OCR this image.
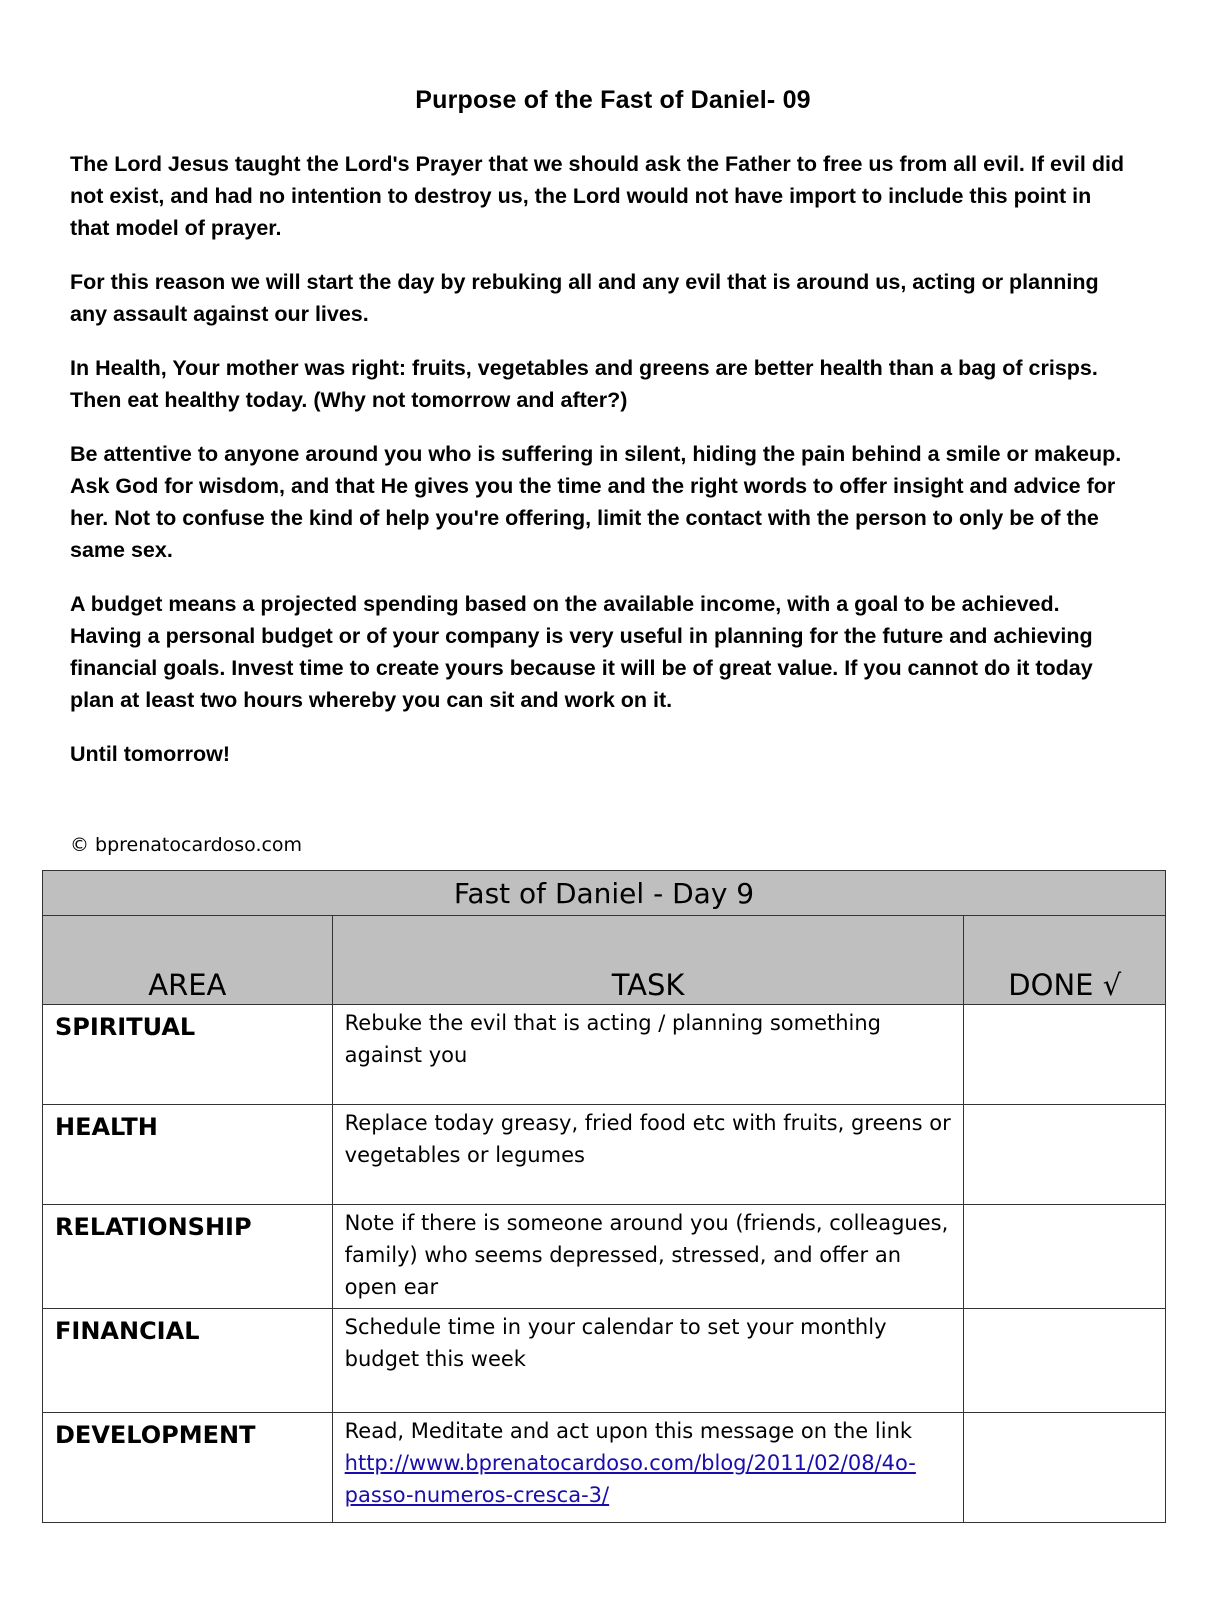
Purpose of the Fast of Daniel- 09

The Lord Jesus taught the Lord's Prayer that we should ask the Father to free us from all evil. If evil did not exist, and had no intention to destroy us, the Lord would not have import to include this point in that model of prayer.

For this reason we will start the day by rebuking all and any evil that is around us, acting or planning any assault against our lives.

In Health, Your mother was right: fruits, vegetables and greens are better health than a bag of crisps. Then eat healthy today. (Why not tomorrow and after?)

Be attentive to anyone around you who is suffering in silent, hiding the pain behind a smile or makeup. Ask God for wisdom, and that He gives you the time and the right words to offer insight and advice for her. Not to confuse the kind of help you're offering, limit the contact with the person to only be of the same sex.

A budget means a projected spending based on the available income, with a goal to be achieved. Having a personal budget or of your company is very useful in planning for the future and achieving financial goals. Invest time to create yours because it will be of great value. If you cannot do it today plan at least two hours whereby you can sit and work on it.

Until tomorrow!

© bprenatocardoso.com
Fast of Daniel - Day 9		
AREA	TASK	DONE √
SPIRITUAL	Rebuke the evil that is acting / planning something against you	
HEALTH	Replace today greasy, fried food etc with fruits, greens or vegetables or legumes	
RELATIONSHIP	Note if there is someone around you (friends, colleagues, family) who seems depressed, stressed, and offer an open ear	
FINANCIAL	Schedule time in your calendar to set your monthly budget this week	
DEVELOPMENT	Read, Meditate and act upon this message on the link
http://www.bprenatocardoso.com/blog/2011/02/08/4o-passo-numeros-cresca-3/	
